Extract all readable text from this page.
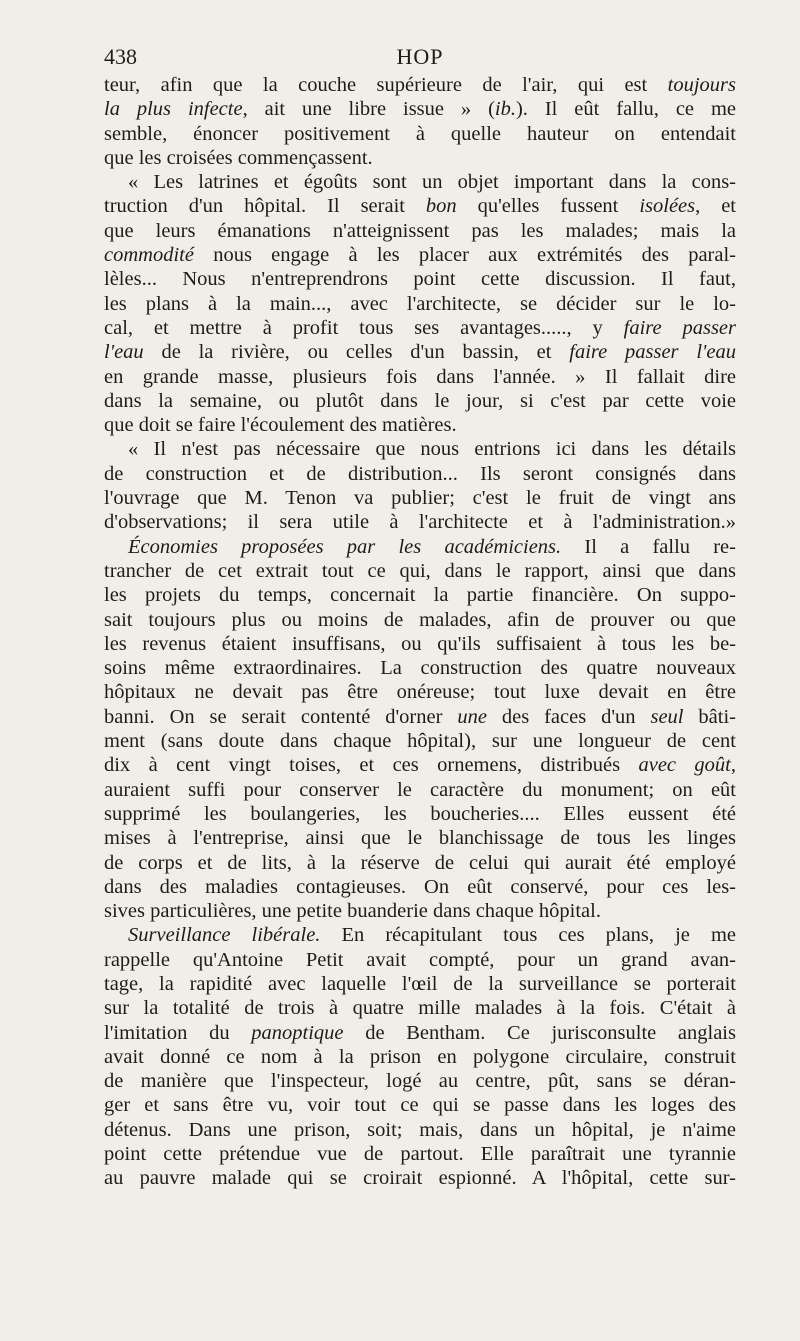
438	HOP
teur, afin que la couche supérieure de l'air, qui est toujours
la plus infecte, ait une libre issue » (ib.). Il eût fallu, ce me
semble, énoncer positivement à quelle hauteur on entendait
que les croisées commençassent.
« Les latrines et égoûts sont un objet important dans la cons-
truction d'un hôpital. Il serait bon qu'elles fussent isolées, et
que leurs émanations n'atteignissent pas les malades; mais la
commodité nous engage à les placer aux extrémités des paral-
lèles... Nous n'entreprendrons point cette discussion. Il faut,
les plans à la main..., avec l'architecte, se décider sur le lo-
cal, et mettre à profit tous ses avantages....., y faire passer
l'eau de la rivière, ou celles d'un bassin, et faire passer l'eau
en grande masse, plusieurs fois dans l'année. » Il fallait dire
dans la semaine, ou plutôt dans le jour, si c'est par cette voie
que doit se faire l'écoulement des matières.
« Il n'est pas nécessaire que nous entrions ici dans les détails
de construction et de distribution... Ils seront consignés dans
l'ouvrage que M. Tenon va publier; c'est le fruit de vingt ans
d'observations; il sera utile à l'architecte et à l'administration.»
Économies proposées par les académiciens. Il a fallu re-
trancher de cet extrait tout ce qui, dans le rapport, ainsi que dans
les projets du temps, concernait la partie financière. On suppo-
sait toujours plus ou moins de malades, afin de prouver ou que
les revenus étaient insuffisans, ou qu'ils suffisaient à tous les be-
soins même extraordinaires. La construction des quatre nouveaux
hôpitaux ne devait pas être onéreuse; tout luxe devait en être
banni. On se serait contenté d'orner une des faces d'un seul bâti-
ment (sans doute dans chaque hôpital), sur une longueur de cent
dix à cent vingt toises, et ces ornemens, distribués avec goût,
auraient suffi pour conserver le caractère du monument; on eût
supprimé les boulangeries, les boucheries.... Elles eussent été
mises à l'entreprise, ainsi que le blanchissage de tous les linges
de corps et de lits, à la réserve de celui qui aurait été employé
dans des maladies contagieuses. On eût conservé, pour ces les-
sives particulières, une petite buanderie dans chaque hôpital.
Surveillance libérale. En récapitulant tous ces plans, je me
rappelle qu'Antoine Petit avait compté, pour un grand avan-
tage, la rapidité avec laquelle l'œil de la surveillance se porterait
sur la totalité de trois à quatre mille malades à la fois. C'était à
l'imitation du panoptique de Bentham. Ce jurisconsulte anglais
avait donné ce nom à la prison en polygone circulaire, construit
de manière que l'inspecteur, logé au centre, pût, sans se déran-
ger et sans être vu, voir tout ce qui se passe dans les loges des
détenus. Dans une prison, soit; mais, dans un hôpital, je n'aime
point cette prétendue vue de partout. Elle paraîtrait une tyrannie
au pauvre malade qui se croirait espionné. A l'hôpital, cette sur-
